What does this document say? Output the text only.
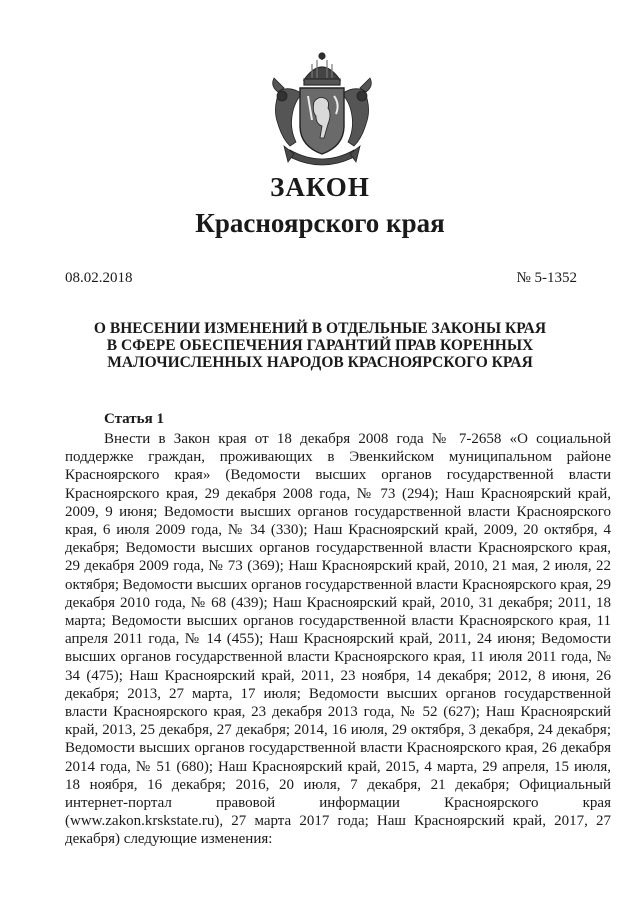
ЗАКОН
Красноярского края
08.02.2018	№ 5-1352
О ВНЕСЕНИИ ИЗМЕНЕНИЙ В ОТДЕЛЬНЫЕ ЗАКОНЫ КРАЯ
В СФЕРЕ ОБЕСПЕЧЕНИЯ ГАРАНТИЙ ПРАВ КОРЕННЫХ
МАЛОЧИСЛЕННЫХ НАРОДОВ КРАСНОЯРСКОГО КРАЯ
Статья 1

Внести в Закон края от 18 декабря 2008 года № 7-2658 «О социальной поддержке граждан, проживающих в Эвенкийском муниципальном районе Красноярского края» (Ведомости высших органов государственной власти Красноярского края, 29 декабря 2008 года, № 73 (294); Наш Красноярский край, 2009, 9 июня; Ведомости высших органов государственной власти Красноярского края, 6 июля 2009 года, № 34 (330); Наш Красноярский край, 2009, 20 октября, 4 декабря; Ведомости высших органов государственной власти Красноярского края, 29 декабря 2009 года, № 73 (369); Наш Красноярский край, 2010, 21 мая, 2 июля, 22 октября; Ведомости высших органов государственной власти Красноярского края, 29 декабря 2010 года, № 68 (439); Наш Красноярский край, 2010, 31 декабря; 2011, 18 марта; Ведомости высших органов государственной власти Красноярского края, 11 апреля 2011 года, № 14 (455); Наш Красноярский край, 2011, 24 июня; Ведомости высших органов государственной власти Красноярского края, 11 июля 2011 года, № 34 (475); Наш Красноярский край, 2011, 23 ноября, 14 декабря; 2012, 8 июня, 26 декабря; 2013, 27 марта, 17 июля; Ведомости высших органов государственной власти Красноярского края, 23 декабря 2013 года, № 52 (627); Наш Красноярский край, 2013, 25 декабря, 27 декабря; 2014, 16 июля, 29 октября, 3 декабря, 24 декабря; Ведомости высших органов государственной власти Красноярского края, 26 декабря 2014 года, № 51 (680); Наш Красноярский край, 2015, 4 марта, 29 апреля, 15 июля, 18 ноября, 16 декабря; 2016, 20 июля, 7 декабря, 21 декабря; Официальный интернет-портал правовой информации Красноярского края (www.zakon.krskstate.ru), 27 марта 2017 года; Наш Красноярский край, 2017, 27 декабря) следующие изменения:
